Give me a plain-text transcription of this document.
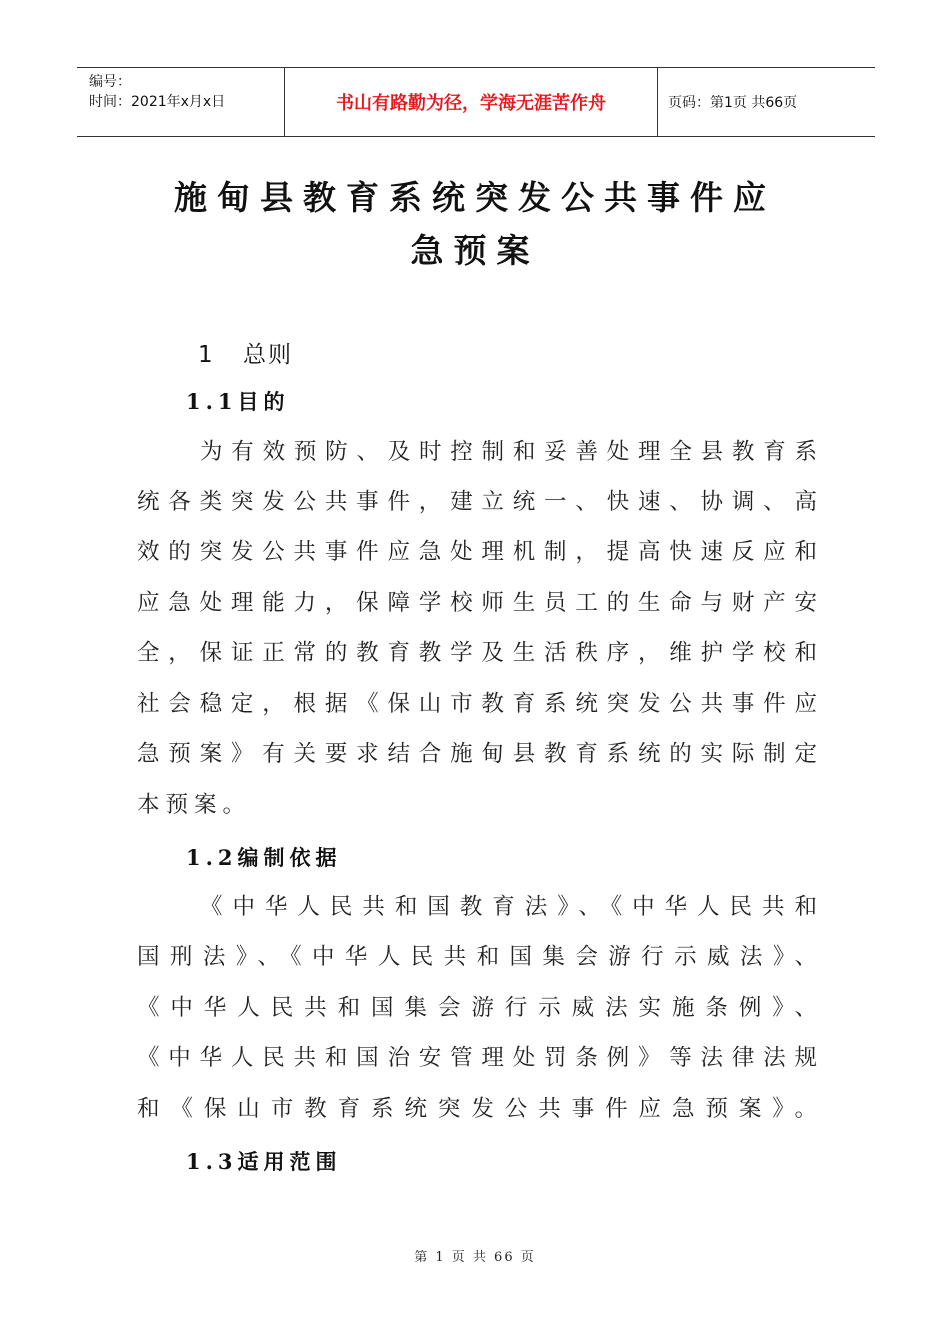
编号：
时间：2021年x月x日	书山有路勤为径，学海无涯苦作舟	页码：第1页 共66页
施甸县教育系统突发公共事件应
急预案
1 总则
1.1目的
为有效预防、及时控制和妥善处理全县教育系
统各类突发公共事件，建立统一、快速、协调、高
效的突发公共事件应急处理机制，提高快速反应和
应急处理能力，保障学校师生员工的生命与财产安
全，保证正常的教育教学及生活秩序，维护学校和
社会稳定，根据《保山市教育系统突发公共事件应
急预案》有关要求结合施甸县教育系统的实际制定
本预案。
1.2编制依据
《中华人民共和国教育法》、《中华人民共和
国刑法》、《中华人民共和国集会游行示威法》、
《中华人民共和国集会游行示威法实施条例》、
《中华人民共和国治安管理处罚条例》等法律法规
和《保山市教育系统突发公共事件应急预案》。
1.3适用范围
第 1 页 共 66 页
